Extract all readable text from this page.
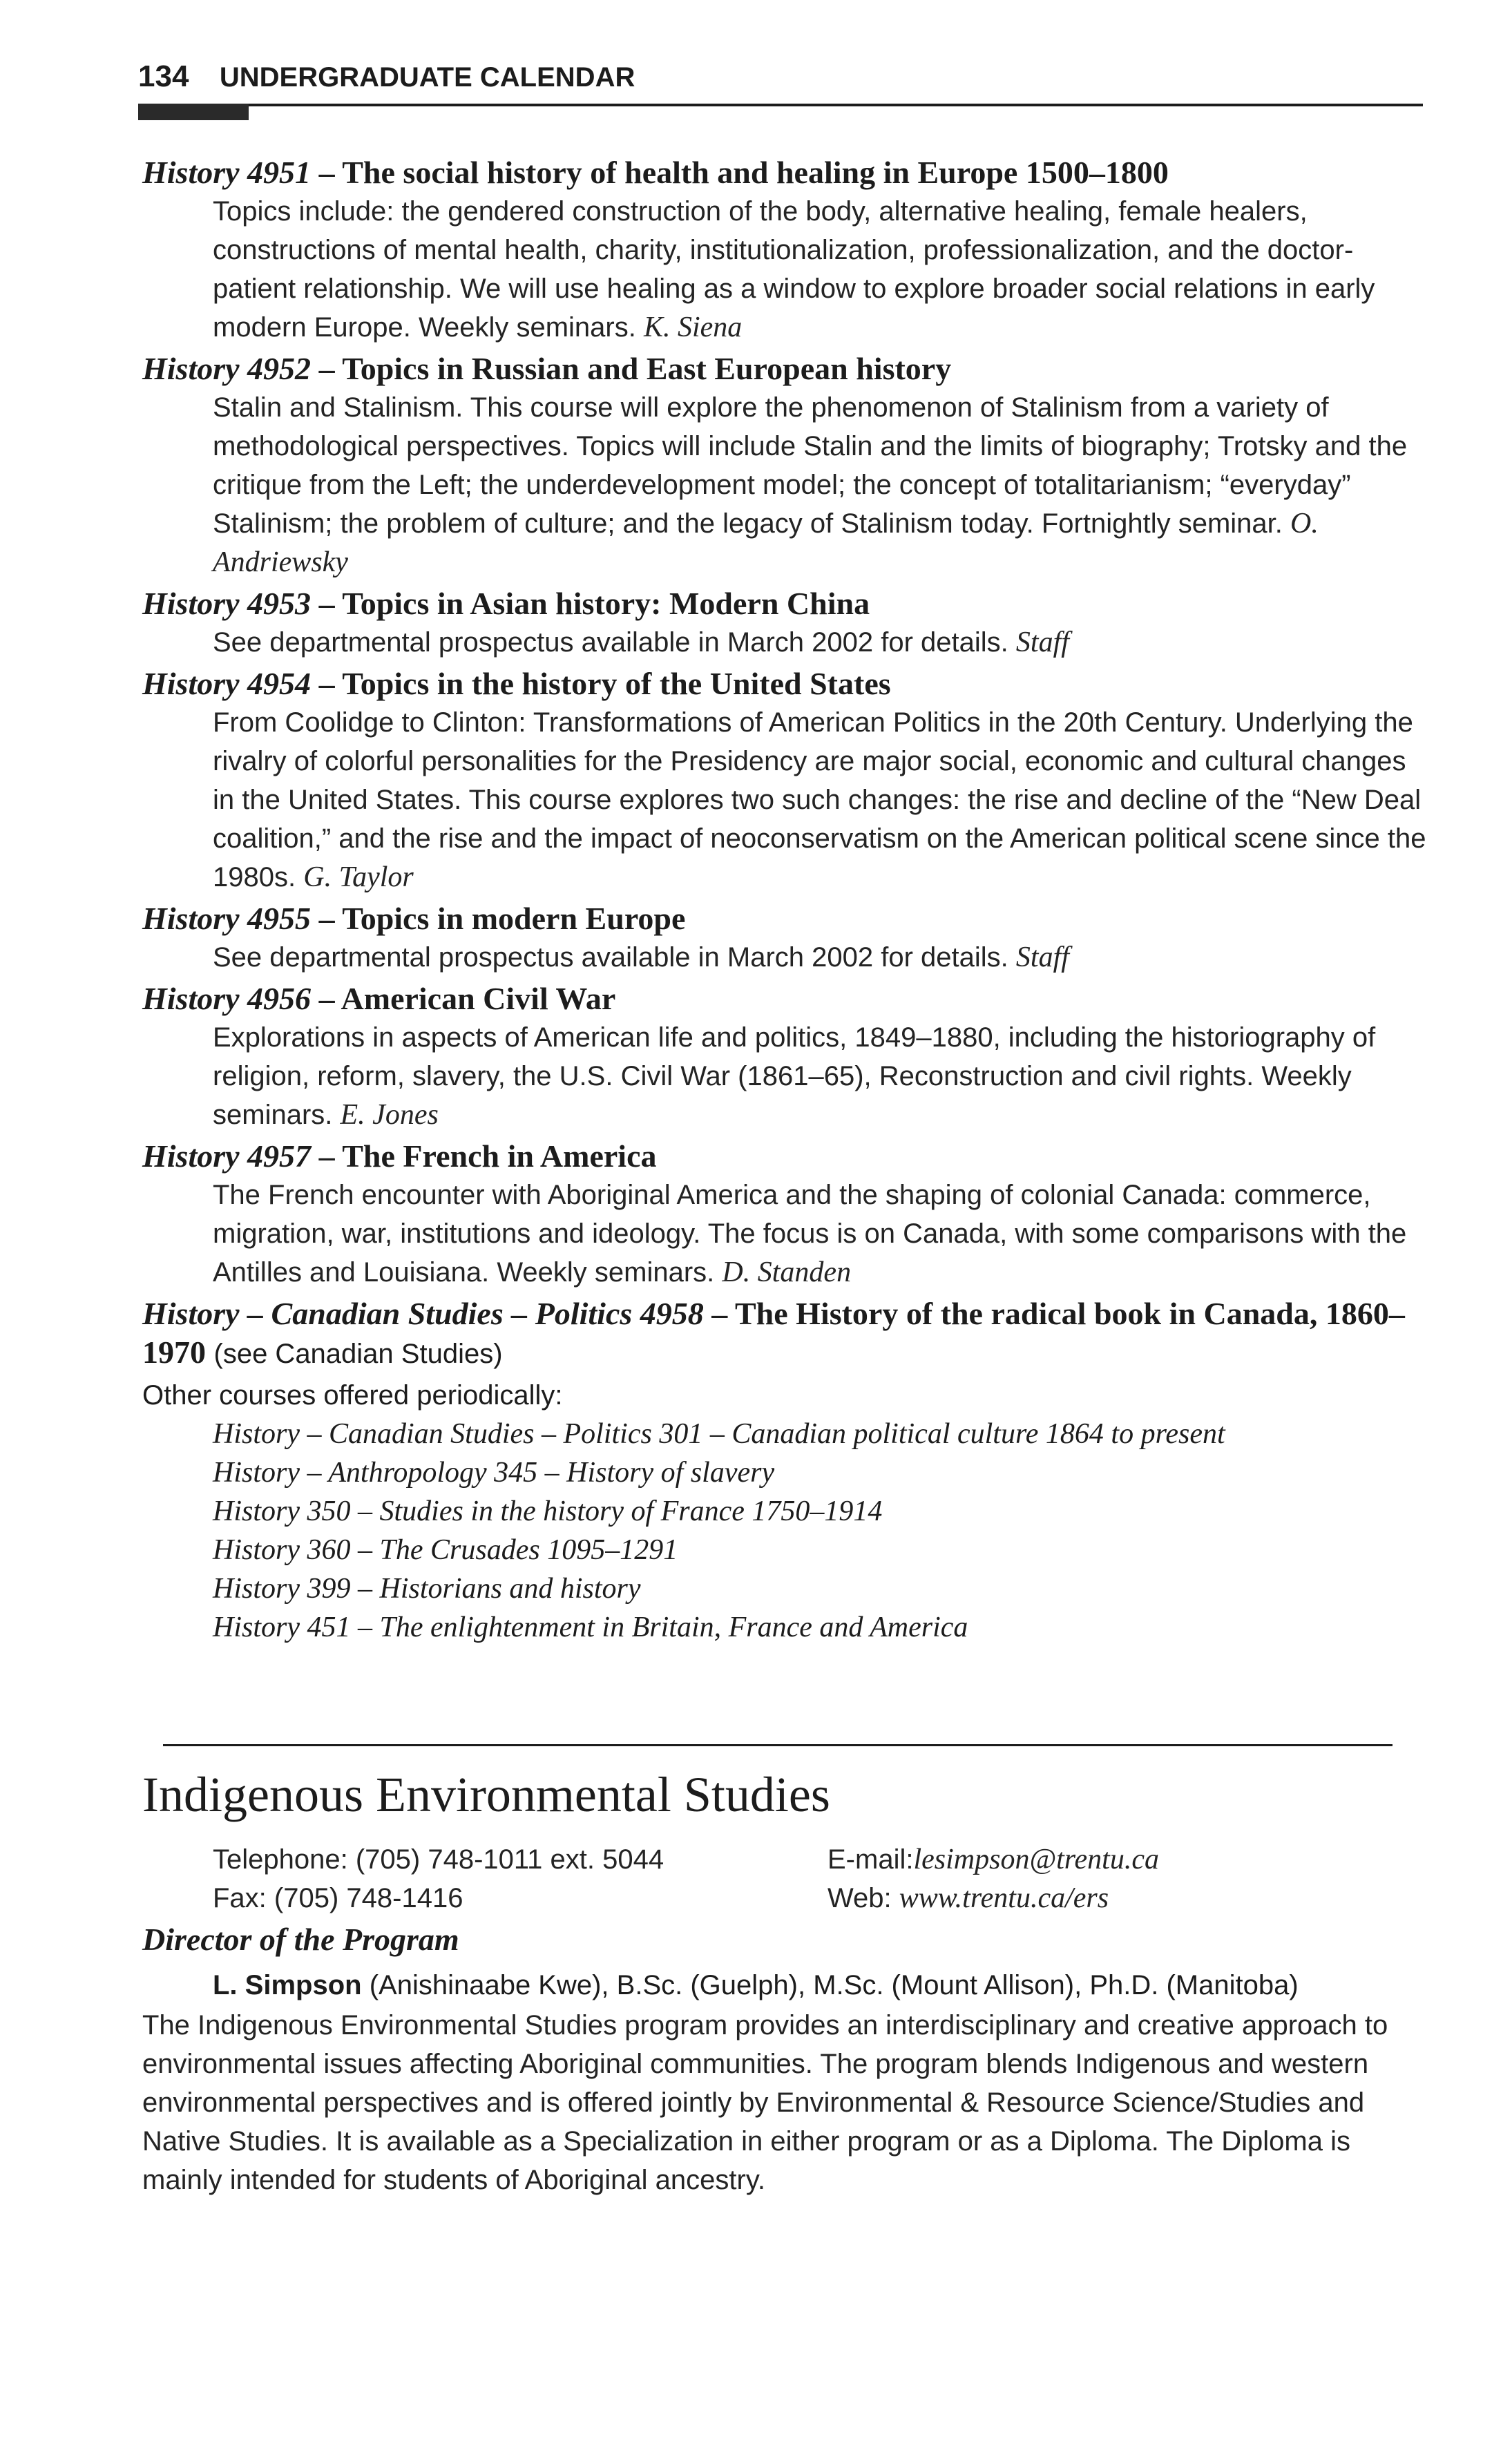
134 UNDERGRADUATE CALENDAR
History 4951 – The social history of health and healing in Europe 1500–1800
Topics include: the gendered construction of the body, alternative healing, female healers, constructions of mental health, charity, institutionalization, professionalization, and the doctor-patient relationship. We will use healing as a window to explore broader social relations in early modern Europe. Weekly seminars. K. Siena
History 4952 – Topics in Russian and East European history
Stalin and Stalinism. This course will explore the phenomenon of Stalinism from a variety of methodological perspectives. Topics will include Stalin and the limits of biography; Trotsky and the critique from the Left; the underdevelopment model; the concept of totalitarianism; “everyday” Stalinism; the problem of culture; and the legacy of Stalinism today. Fortnightly seminar. O. Andriewsky
History 4953 – Topics in Asian history: Modern China
See departmental prospectus available in March 2002 for details. Staff
History 4954 – Topics in the history of the United States
From Coolidge to Clinton: Transformations of American Politics in the 20th Century. Underlying the rivalry of colorful personalities for the Presidency are major social, economic and cultural changes in the United States. This course explores two such changes: the rise and decline of the “New Deal coalition,” and the rise and the impact of neoconservatism on the American political scene since the 1980s. G. Taylor
History 4955 – Topics in modern Europe
See departmental prospectus available in March 2002 for details. Staff
History 4956 – American Civil War
Explorations in aspects of American life and politics, 1849–1880, including the historiography of religion, reform, slavery, the U.S. Civil War (1861–65), Reconstruction and civil rights. Weekly seminars. E. Jones
History 4957 – The French in America
The French encounter with Aboriginal America and the shaping of colonial Canada: commerce, migration, war, institutions and ideology. The focus is on Canada, with some comparisons with the Antilles and Louisiana. Weekly seminars. D. Standen
History – Canadian Studies – Politics 4958 – The History of the radical book in Canada, 1860–1970 (see Canadian Studies)
Other courses offered periodically:
History – Canadian Studies – Politics 301 – Canadian political culture 1864 to present
History – Anthropology 345 – History of slavery
History 350 – Studies in the history of France 1750–1914
History 360 – The Crusades 1095–1291
History 399 – Historians and history
History 451 – The enlightenment in Britain, France and America
Indigenous Environmental Studies
Telephone: (705) 748-1011 ext. 5044
Fax: (705) 748-1416
E-mail:lesimpson@trentu.ca
Web: www.trentu.ca/ers
Director of the Program
L. Simpson (Anishinaabe Kwe), B.Sc. (Guelph), M.Sc. (Mount Allison), Ph.D. (Manitoba)
The Indigenous Environmental Studies program provides an interdisciplinary and creative approach to environmental issues affecting Aboriginal communities. The program blends Indigenous and western environmental perspectives and is offered jointly by Environmental & Resource Science/Studies and Native Studies. It is available as a Specialization in either program or as a Diploma. The Diploma is mainly intended for students of Aboriginal ancestry.
